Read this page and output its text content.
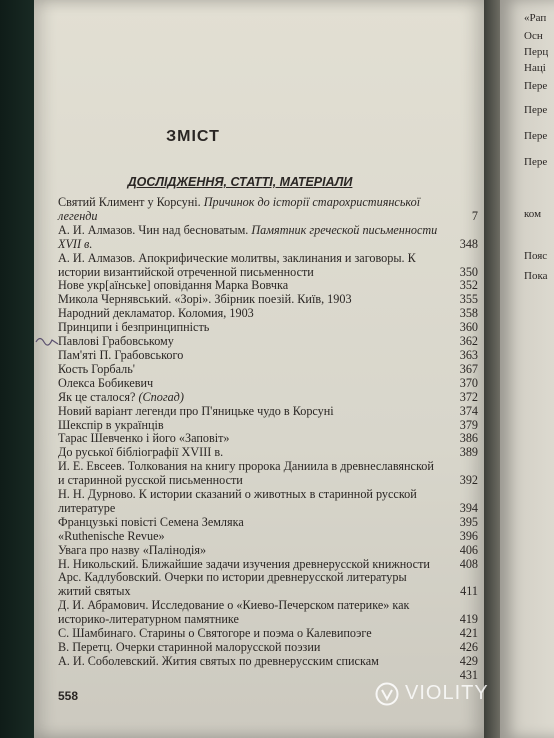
ЗМІСТ
ДОСЛІДЖЕННЯ, СТАТТІ, МАТЕРІАЛИ
Святий Климент у Корсуні. Причинок до історії старохристиянської легенди	7
А. И. Алмазов. Чин над бесноватым. Памятник греческой письменности XVII в.	348
А. И. Алмазов. Апокрифические молитвы, заклинания и заговоры. К истории византийской отреченной письменности	350
Нове укр[аїнське] оповідання Марка Вовчка	352
Микола Чернявський. «Зорі». Збірник поезій. Київ, 1903	355
Народний декламатор. Коломия, 1903	358
Принципи і безпринципність	360
Павлові Грабовському	362
Пам'яті П. Грабовського	363
Кость Горбаль'	367
Олекса Бобикевич	370
Як це сталося? (Спогад)	372
Новий варіант легенди про П'яницьке чудо в Корсуні	374
Шекспір в українців	379
Тарас Шевченко і його «Заповіт»	386
До руської бібліографії XVIII в.	389
И. Е. Евсеев. Толкования на книгу пророка Даниила в древнеславянской и старинной русской письменности	392
Н. Н. Дурново. К истории сказаний о животных в старинной русской литературе	394
Французькі повісті Семена Земляка	395
«Ruthenische Revue»	396
Увага про назву «Палінодія»	406
Н. Никольский. Ближайшие задачи изучения древнерусской книжности	408
Арс. Кадлубовский. Очерки по истории древнерусской литературы житий святых	411
Д. И. Абрамович. Исследование о «Киево-Печерском патерике» как историко-литературном памятнике	419
С. Шамбинаго. Старины о Святогоре и поэма о Калевипоэге	421
В. Перетц. Очерки старинной малорусской поэзии	426
А. И. Соболевский. Жития святых по древнерусским спискам	429
431
558	VIOLITY
«Рап
Осн
Перц
Наці
Пере
Пере
Пере
Пере
ком
Пояс
Пока
